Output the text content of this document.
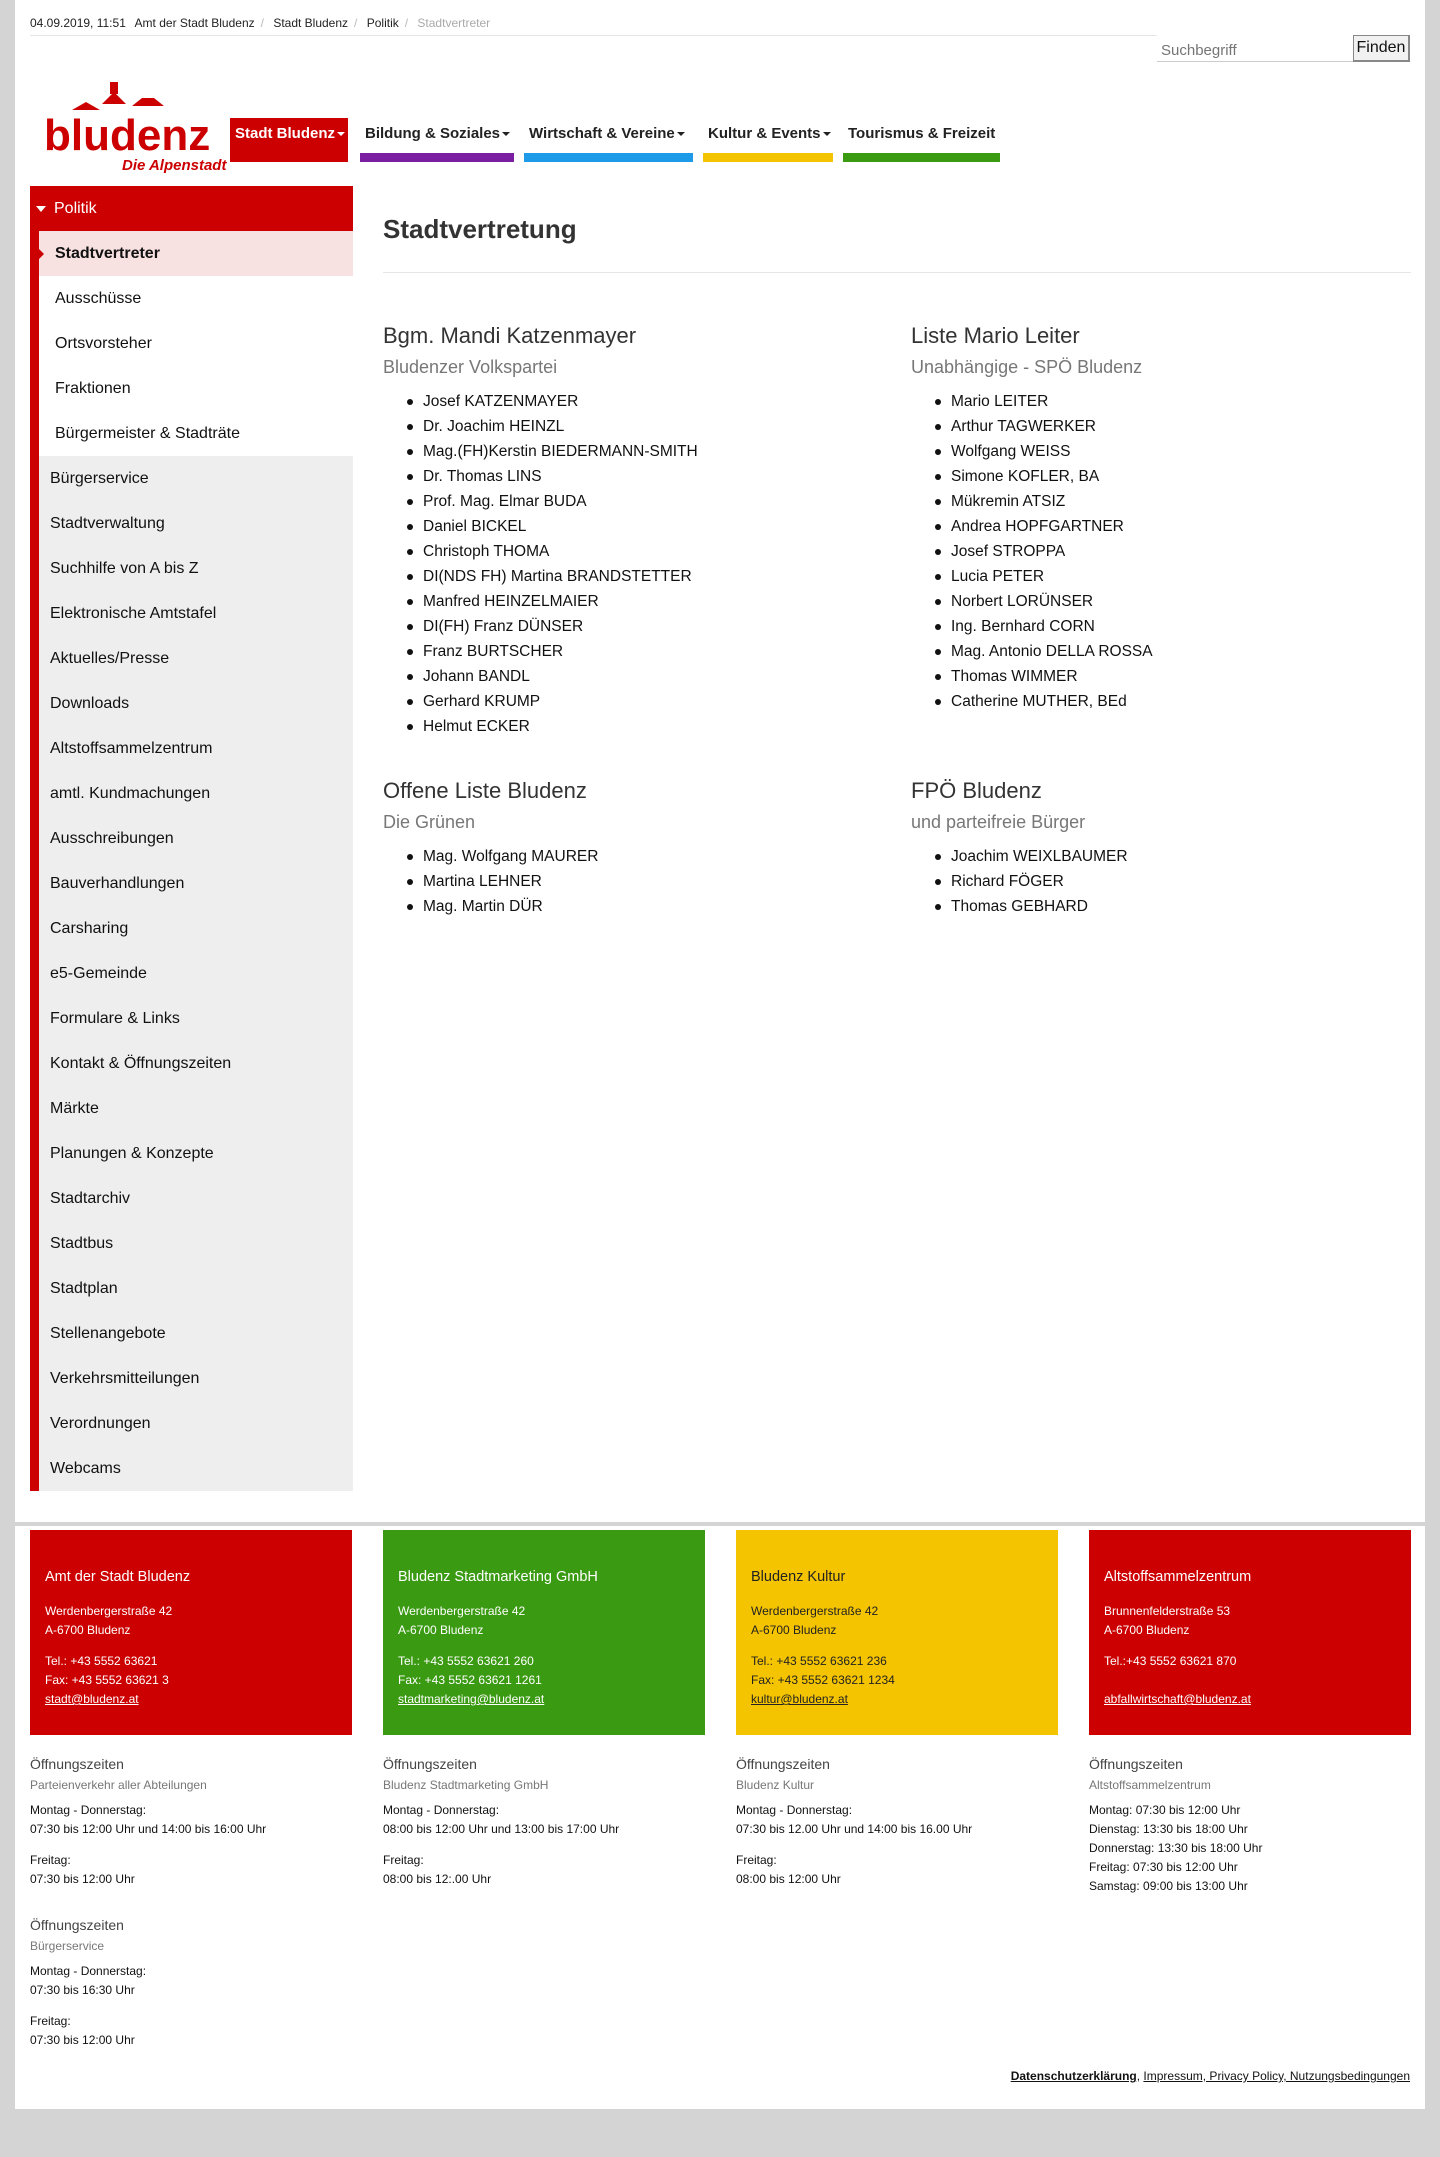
04.09.2019, 11:51 Amt der Stadt Bludenz / Stadt Bludenz / Politik / Stadtvertreter
Suchbegriff
Finden
bludenz
Die Alpenstadt
Stadt Bludenz	Bildung & Soziales	Wirtschaft & Vereine	Kultur & Events	Tourismus & Freizeit
Politik
Stadtvertreter
Ausschüsse
Ortsvorsteher
Fraktionen
Bürgermeister & Stadträte
Bürgerservice
Stadtverwaltung
Suchhilfe von A bis Z
Elektronische Amtstafel
Aktuelles/Presse
Downloads
Altstoffsammelzentrum
amtl. Kundmachungen
Ausschreibungen
Bauverhandlungen
Carsharing
e5-Gemeinde
Formulare & Links
Kontakt & Öffnungszeiten
Märkte
Planungen & Konzepte
Stadtarchiv
Stadtbus
Stadtplan
Stellenangebote
Verkehrsmitteilungen
Verordnungen
Webcams
Stadtvertretung
Bgm. Mandi Katzenmayer
Bludenzer Volkspartei
Josef KATZENMAYER
Dr. Joachim HEINZL
Mag.(FH)Kerstin BIEDERMANN-SMITH
Dr. Thomas LINS
Prof. Mag. Elmar BUDA
Daniel BICKEL
Christoph THOMA
DI(NDS FH) Martina BRANDSTETTER
Manfred HEINZELMAIER
DI(FH) Franz DÜNSER
Franz BURTSCHER
Johann BANDL
Gerhard KRUMP
Helmut ECKER
Liste Mario Leiter
Unabhängige - SPÖ Bludenz
Mario LEITER
Arthur TAGWERKER
Wolfgang WEISS
Simone KOFLER, BA
Mükremin ATSIZ
Andrea HOPFGARTNER
Josef STROPPA
Lucia PETER
Norbert LORÜNSER
Ing. Bernhard CORN
Mag. Antonio DELLA ROSSA
Thomas WIMMER
Catherine MUTHER, BEd
Offene Liste Bludenz
Die Grünen
Mag. Wolfgang MAURER
Martina LEHNER
Mag. Martin DÜR
FPÖ Bludenz
und parteifreie Bürger
Joachim WEIXLBAUMER
Richard FÖGER
Thomas GEBHARD
Amt der Stadt Bludenz
Werdenbergerstraße 42
A-6700 Bludenz
Tel.: +43 5552 63621
Fax: +43 5552 63621 3
stadt@bludenz.at
Bludenz Stadtmarketing GmbH
Werdenbergerstraße 42
A-6700 Bludenz
Tel.: +43 5552 63621 260
Fax: +43 5552 63621 1261
stadtmarketing@bludenz.at
Bludenz Kultur
Werdenbergerstraße 42
A-6700 Bludenz
Tel.: +43 5552 63621 236
Fax: +43 5552 63621 1234
kultur@bludenz.at
Altstoffsammelzentrum
Brunnenfelderstraße 53
A-6700 Bludenz
Tel.:+43 5552 63621 870
abfallwirtschaft@bludenz.at
Öffnungszeiten
Parteienverkehr aller Abteilungen
Montag - Donnerstag:
07:30 bis 12:00 Uhr und 14:00 bis 16:00 Uhr
Freitag:
07:30 bis 12:00 Uhr
Öffnungszeiten
Bludenz Stadtmarketing GmbH
Montag - Donnerstag:
08:00 bis 12:00 Uhr und 13:00 bis 17:00 Uhr
Freitag:
08:00 bis 12:.00 Uhr
Öffnungszeiten
Bludenz Kultur
Montag - Donnerstag:
07:30 bis 12.00 Uhr und 14:00 bis 16.00 Uhr
Freitag:
08:00 bis 12:00 Uhr
Öffnungszeiten
Altstoffsammelzentrum
Montag: 07:30 bis 12:00 Uhr
Dienstag: 13:30 bis 18:00 Uhr
Donnerstag: 13:30 bis 18:00 Uhr
Freitag: 07:30 bis 12:00 Uhr
Samstag: 09:00 bis 13:00 Uhr
Öffnungszeiten
Bürgerservice
Montag - Donnerstag:
07:30 bis 16:30 Uhr
Freitag:
07:30 bis 12:00 Uhr
Datenschutzerklärung, Impressum, Privacy Policy, Nutzungsbedingungen
